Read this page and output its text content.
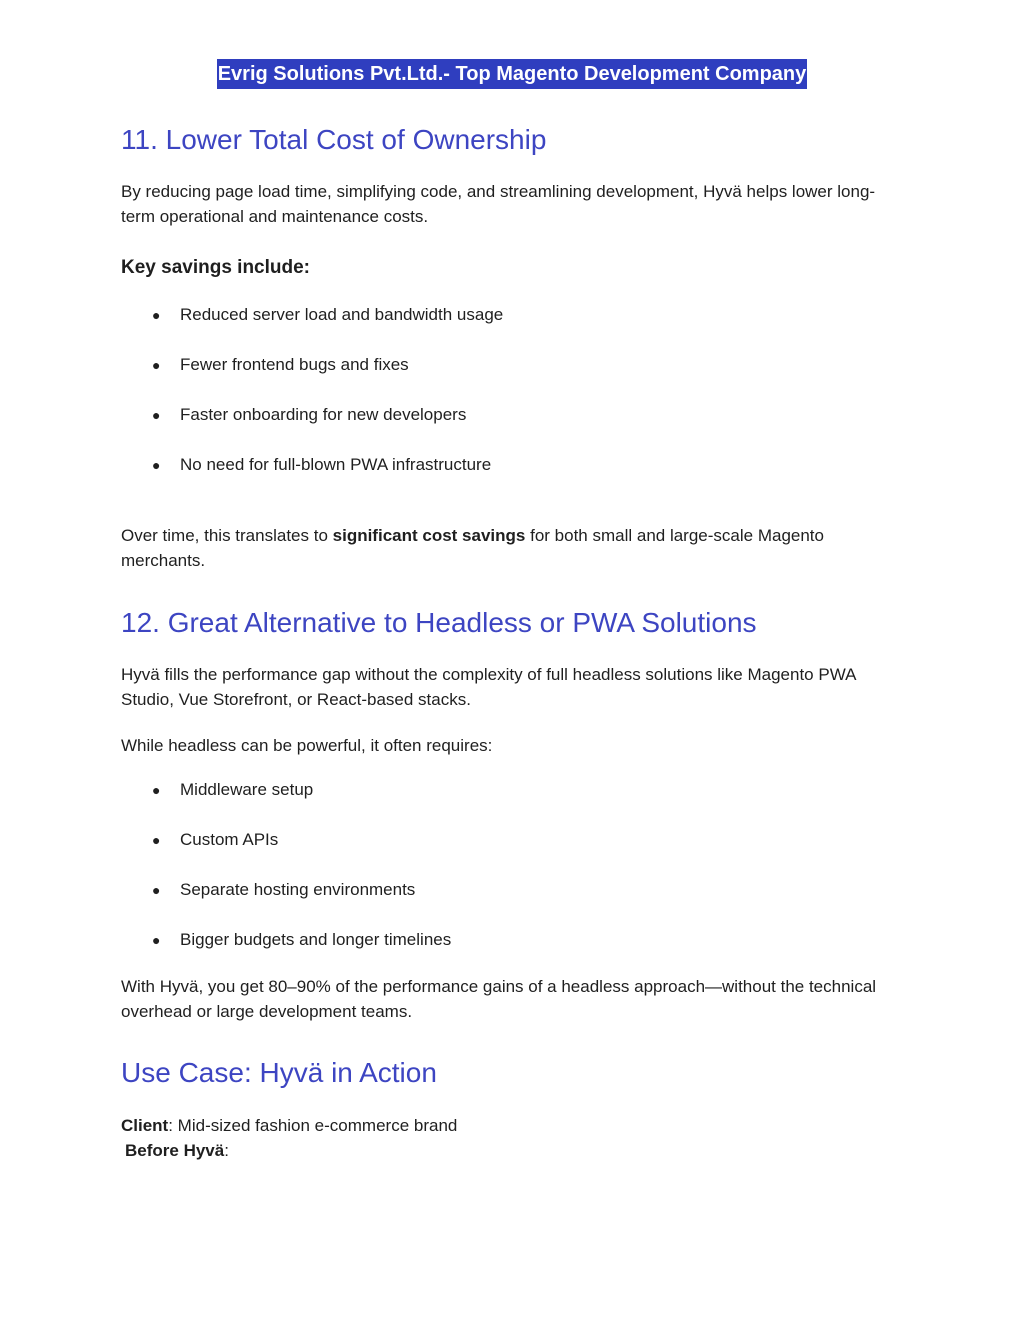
Evrig Solutions Pvt.Ltd.- Top Magento Development Company
11. Lower Total Cost of Ownership

By reducing page load time, simplifying code, and streamlining development, Hyvä helps lower long-term operational and maintenance costs.

Key savings include:
● Reduced server load and bandwidth usage
● Fewer frontend bugs and fixes
● Faster onboarding for new developers
● No need for full-blown PWA infrastructure

Over time, this translates to significant cost savings for both small and large-scale Magento merchants.

12. Great Alternative to Headless or PWA Solutions

Hyvä fills the performance gap without the complexity of full headless solutions like Magento PWA Studio, Vue Storefront, or React-based stacks.

While headless can be powerful, it often requires:

● Middleware setup
● Custom APIs
● Separate hosting environments
● Bigger budgets and longer timelines

With Hyvä, you get 80–90% of the performance gains of a headless approach—without the technical overhead or large development teams.

Use Case: Hyvä in Action

Client: Mid-sized fashion e-commerce brand

Before Hyvä:
